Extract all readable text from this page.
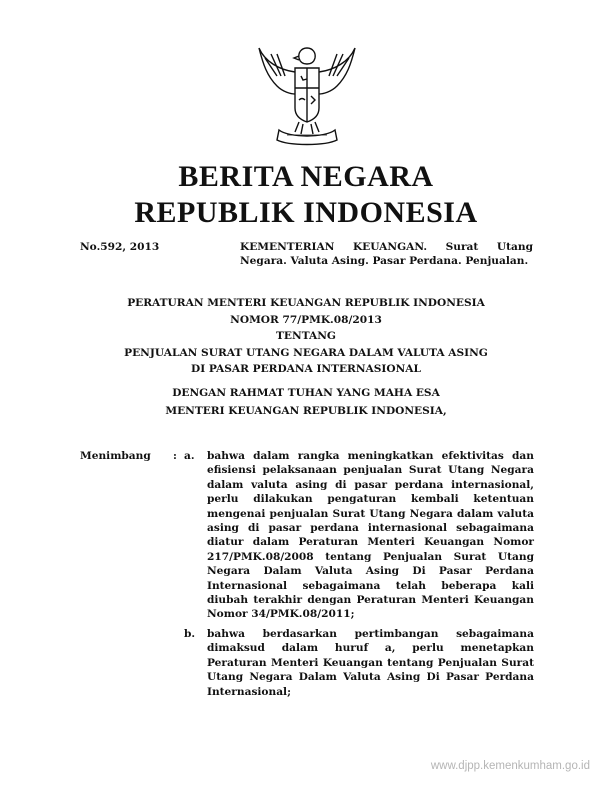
BERITA NEGARA
REPUBLIK INDONESIA
No.592, 2013	KEMENTERIAN KEUANGAN. Surat Utang
Negara. Valuta Asing. Pasar Perdana. Penjualan.
PERATURAN MENTERI KEUANGAN REPUBLIK INDONESIA
NOMOR 77/PMK.08/2013
TENTANG
PENJUALAN SURAT UTANG NEGARA DALAM VALUTA ASING
DI PASAR PERDANA INTERNASIONAL
DENGAN RAHMAT TUHAN YANG MAHA ESA
MENTERI KEUANGAN REPUBLIK INDONESIA,
Menimbang : a. bahwa dalam rangka meningkatkan efektivitas dan
efisiensi pelaksanaan penjualan Surat Utang Negara
dalam valuta asing di pasar perdana internasional,
perlu dilakukan pengaturan kembali ketentuan
mengenai penjualan Surat Utang Negara dalam valuta
asing di pasar perdana internasional sebagaimana
diatur dalam Peraturan Menteri Keuangan Nomor
217/PMK.08/2008 tentang Penjualan Surat Utang
Negara Dalam Valuta Asing Di Pasar Perdana
Internasional sebagaimana telah beberapa kali
diubah terakhir dengan Peraturan Menteri Keuangan
Nomor 34/PMK.08/2011;
b. bahwa berdasarkan pertimbangan sebagaimana
dimaksud dalam huruf a, perlu menetapkan
Peraturan Menteri Keuangan tentang Penjualan Surat
Utang Negara Dalam Valuta Asing Di Pasar Perdana
Internasional;
www.djpp.kemenkumham.go.id
